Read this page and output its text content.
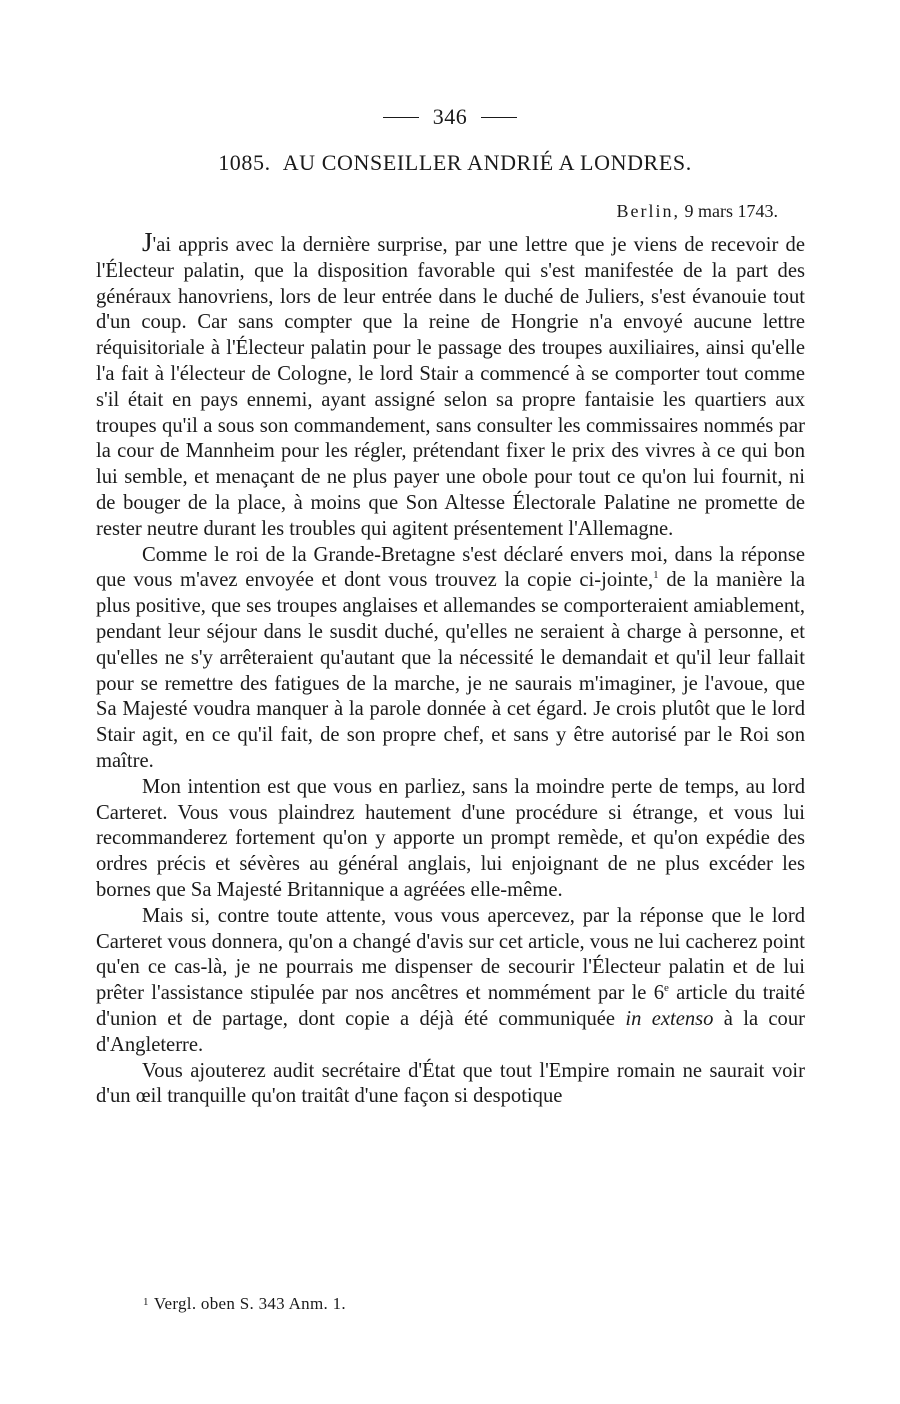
346
1085. AU CONSEILLER ANDRIÉ A LONDRES.
Berlin, 9 mars 1743.

J'ai appris avec la dernière surprise, par une lettre que je viens de recevoir de l'Électeur palatin, que la disposition favorable qui s'est manifestée de la part des généraux hanovriens, lors de leur entrée dans le duché de Juliers, s'est évanouie tout d'un coup. Car sans compter que la reine de Hongrie n'a envoyé aucune lettre réquisitoriale à l'Électeur palatin pour le passage des troupes auxiliaires, ainsi qu'elle l'a fait à l'électeur de Cologne, le lord Stair a commencé à se comporter tout comme s'il était en pays ennemi, ayant assigné selon sa propre fantaisie les quartiers aux troupes qu'il a sous son commandement, sans consulter les commissaires nommés par la cour de Mannheim pour les régler, prétendant fixer le prix des vivres à ce qui bon lui semble, et menaçant de ne plus payer une obole pour tout ce qu'on lui fournit, ni de bouger de la place, à moins que Son Altesse Électorale Palatine ne promette de rester neutre durant les troubles qui agitent présentement l'Allemagne.

Comme le roi de la Grande-Bretagne s'est déclaré envers moi, dans la réponse que vous m'avez envoyée et dont vous trouvez la copie ci-jointe,$^1$ de la manière la plus positive, que ses troupes anglaises et allemandes se comporteraient amiablement, pendant leur séjour dans le susdit duché, qu'elles ne seraient à charge à personne, et qu'elles ne s'y arrêteraient qu'autant que la nécessité le demandait et qu'il leur fallait pour se remettre des fatigues de la marche, je ne saurais m'imaginer, je l'avoue, que Sa Majesté voudra manquer à la parole donnée à cet égard. Je crois plutôt que le lord Stair agit, en ce qu'il fait, de son propre chef, et sans y être autorisé par le Roi son maître.

Mon intention est que vous en parliez, sans la moindre perte de temps, au lord Carteret. Vous vous plaindrez hautement d'une procédure si étrange, et vous lui recommanderez fortement qu'on y apporte un prompt remède, et qu'on expédie des ordres précis et sévères au général anglais, lui enjoignant de ne plus excéder les bornes que Sa Majesté Britannique a agréées elle-même.

Mais si, contre toute attente, vous vous apercevez, par la réponse que le lord Carteret vous donnera, qu'on a changé d'avis sur cet article, vous ne lui cacherez point qu'en ce cas-là, je ne pourrais me dispenser de secourir l'Électeur palatin et de lui prêter l'assistance stipulée par nos ancêtres et nommément par le 6e article du traité d'union et de partage, dont copie a déjà été communiquée in extenso à la cour d'Angleterre.

Vous ajouterez audit secrétaire d'État que tout l'Empire romain ne saurait voir d'un œil tranquille qu'on traitât d'une façon si despotique

$^1$ Vergl. oben S. 343 Anm. 1.
